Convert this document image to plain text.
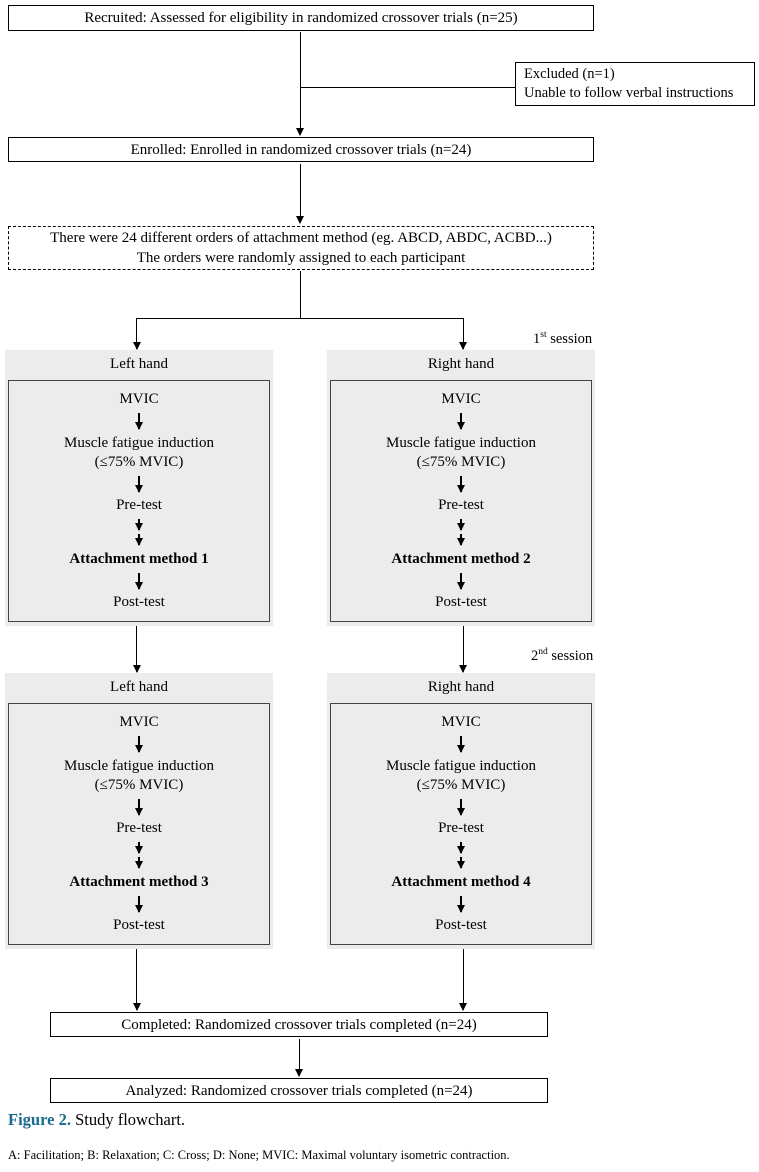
Recruited: Assessed for eligibility in randomized crossover trials (n=25)
Excluded (n=1)
Unable to follow verbal instructions
Enrolled: Enrolled in randomized crossover trials (n=24)
There were 24 different orders of attachment method (eg. ABCD, ABDC, ACBD...)
The orders were randomly assigned to each participant
1st session
Left hand
MVIC
Muscle fatigue induction
(≤75% MVIC)
Pre-test
Attachment method 1
Post-test
Right hand
MVIC
Muscle fatigue induction
(≤75% MVIC)
Pre-test
Attachment method 2
Post-test
2nd session
Left hand
MVIC
Muscle fatigue induction
(≤75% MVIC)
Pre-test
Attachment method 3
Post-test
Right hand
MVIC
Muscle fatigue induction
(≤75% MVIC)
Pre-test
Attachment method 4
Post-test
Completed: Randomized crossover trials completed (n=24)
Analyzed: Randomized crossover trials completed (n=24)
Figure 2. Study flowchart.
A: Facilitation; B: Relaxation; C: Cross; D: None; MVIC: Maximal voluntary isometric contraction.
